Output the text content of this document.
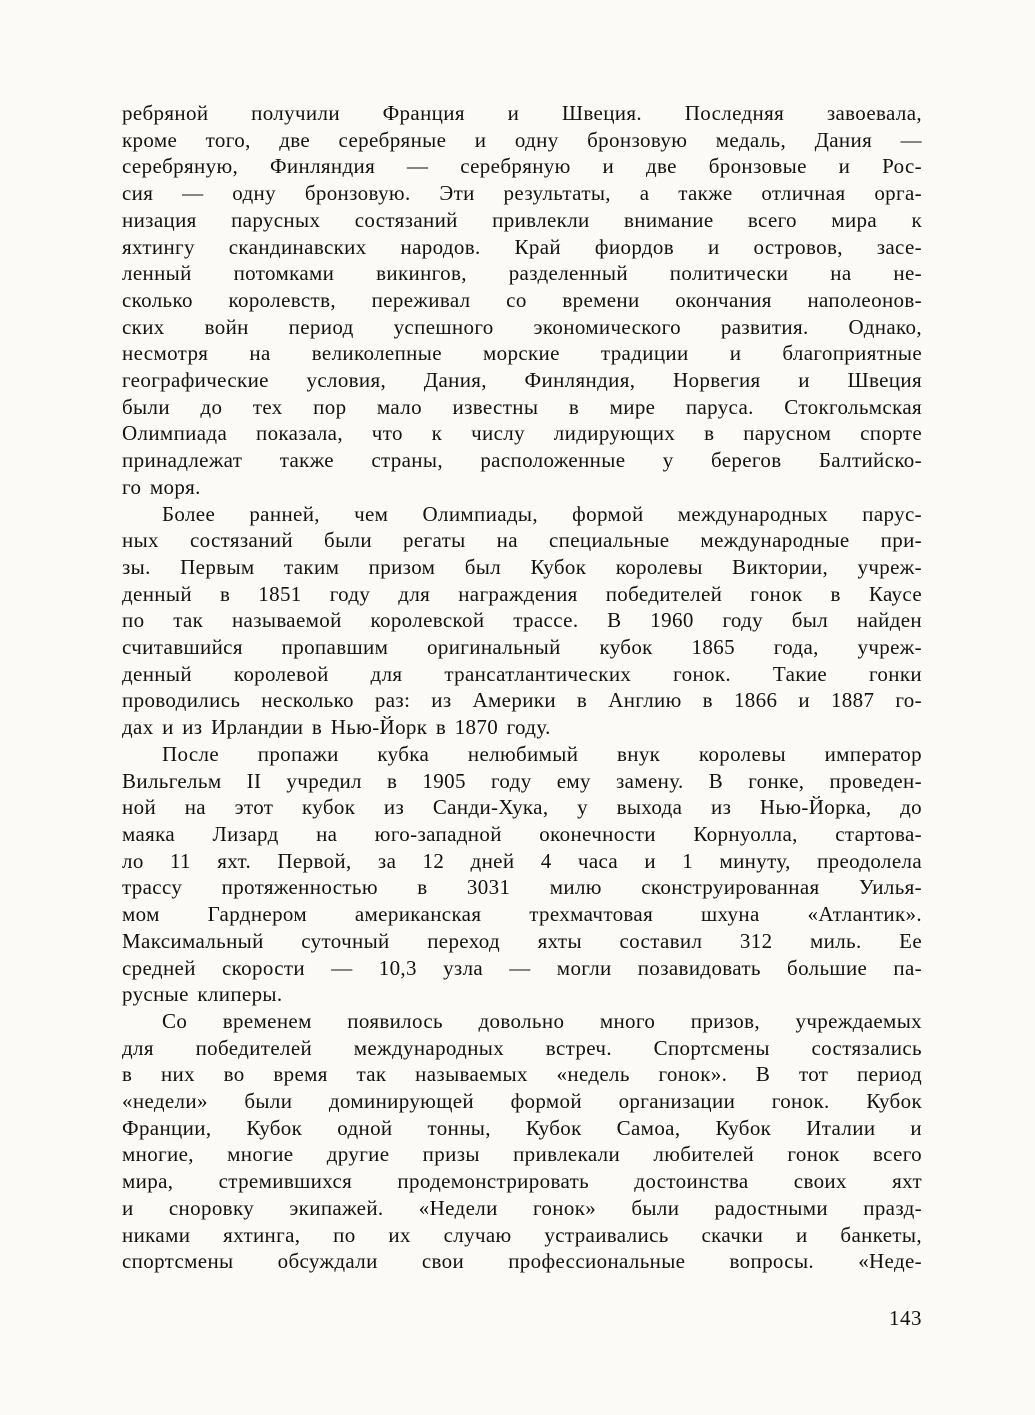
ребряной получили Франция и Швеция. Последняя завоевала,
кроме того, две серебряные и одну бронзовую медаль, Дания —
серебряную, Финляндия — серебряную и две бронзовые и Рос-
сия — одну бронзовую. Эти результаты, а также отличная орга-
низация парусных состязаний привлекли внимание всего мира к
яхтингу скандинавских народов. Край фиордов и островов, засе-
ленный потомками викингов, разделенный политически на не-
сколько королевств, переживал со времени окончания наполеонов-
ских войн период успешного экономического развития. Однако,
несмотря на великолепные морские традиции и благоприятные
географические условия, Дания, Финляндия, Норвегия и Швеция
были до тех пор мало известны в мире паруса. Стокгольмская
Олимпиада показала, что к числу лидирующих в парусном спорте
принадлежат также страны, расположенные у берегов Балтийско-
го моря.
Более ранней, чем Олимпиады, формой международных парус-
ных состязаний были регаты на специальные международные при-
зы. Первым таким призом был Кубок королевы Виктории, учреж-
денный в 1851 году для награждения победителей гонок в Каусе
по так называемой королевской трассе. В 1960 году был найден
считавшийся пропавшим оригинальный кубок 1865 года, учреж-
денный королевой для трансатлантических гонок. Такие гонки
проводились несколько раз: из Америки в Англию в 1866 и 1887 го-
дах и из Ирландии в Нью-Йорк в 1870 году.
После пропажи кубка нелюбимый внук королевы император
Вильгельм II учредил в 1905 году ему замену. В гонке, проведен-
ной на этот кубок из Санди-Хука, у выхода из Нью-Йорка, до
маяка Лизард на юго-западной оконечности Корнуолла, стартова-
ло 11 яхт. Первой, за 12 дней 4 часа и 1 минуту, преодолела
трассу протяженностью в 3031 милю сконструированная Уилья-
мом Гарднером американская трехмачтовая шхуна «Атлантик».
Максимальный суточный переход яхты составил 312 миль. Ее
средней скорости — 10,3 узла — могли позавидовать большие па-
русные клиперы.
Со временем появилось довольно много призов, учреждаемых
для победителей международных встреч. Спортсмены состязались
в них во время так называемых «недель гонок». В тот период
«недели» были доминирующей формой организации гонок. Кубок
Франции, Кубок одной тонны, Кубок Самоа, Кубок Италии и
многие, многие другие призы привлекали любителей гонок всего
мира, стремившихся продемонстрировать достоинства своих яхт
и сноровку экипажей. «Недели гонок» были радостными празд-
никами яхтинга, по их случаю устраивались скачки и банкеты,
спортсмены обсуждали свои профессиональные вопросы. «Неде-
143
